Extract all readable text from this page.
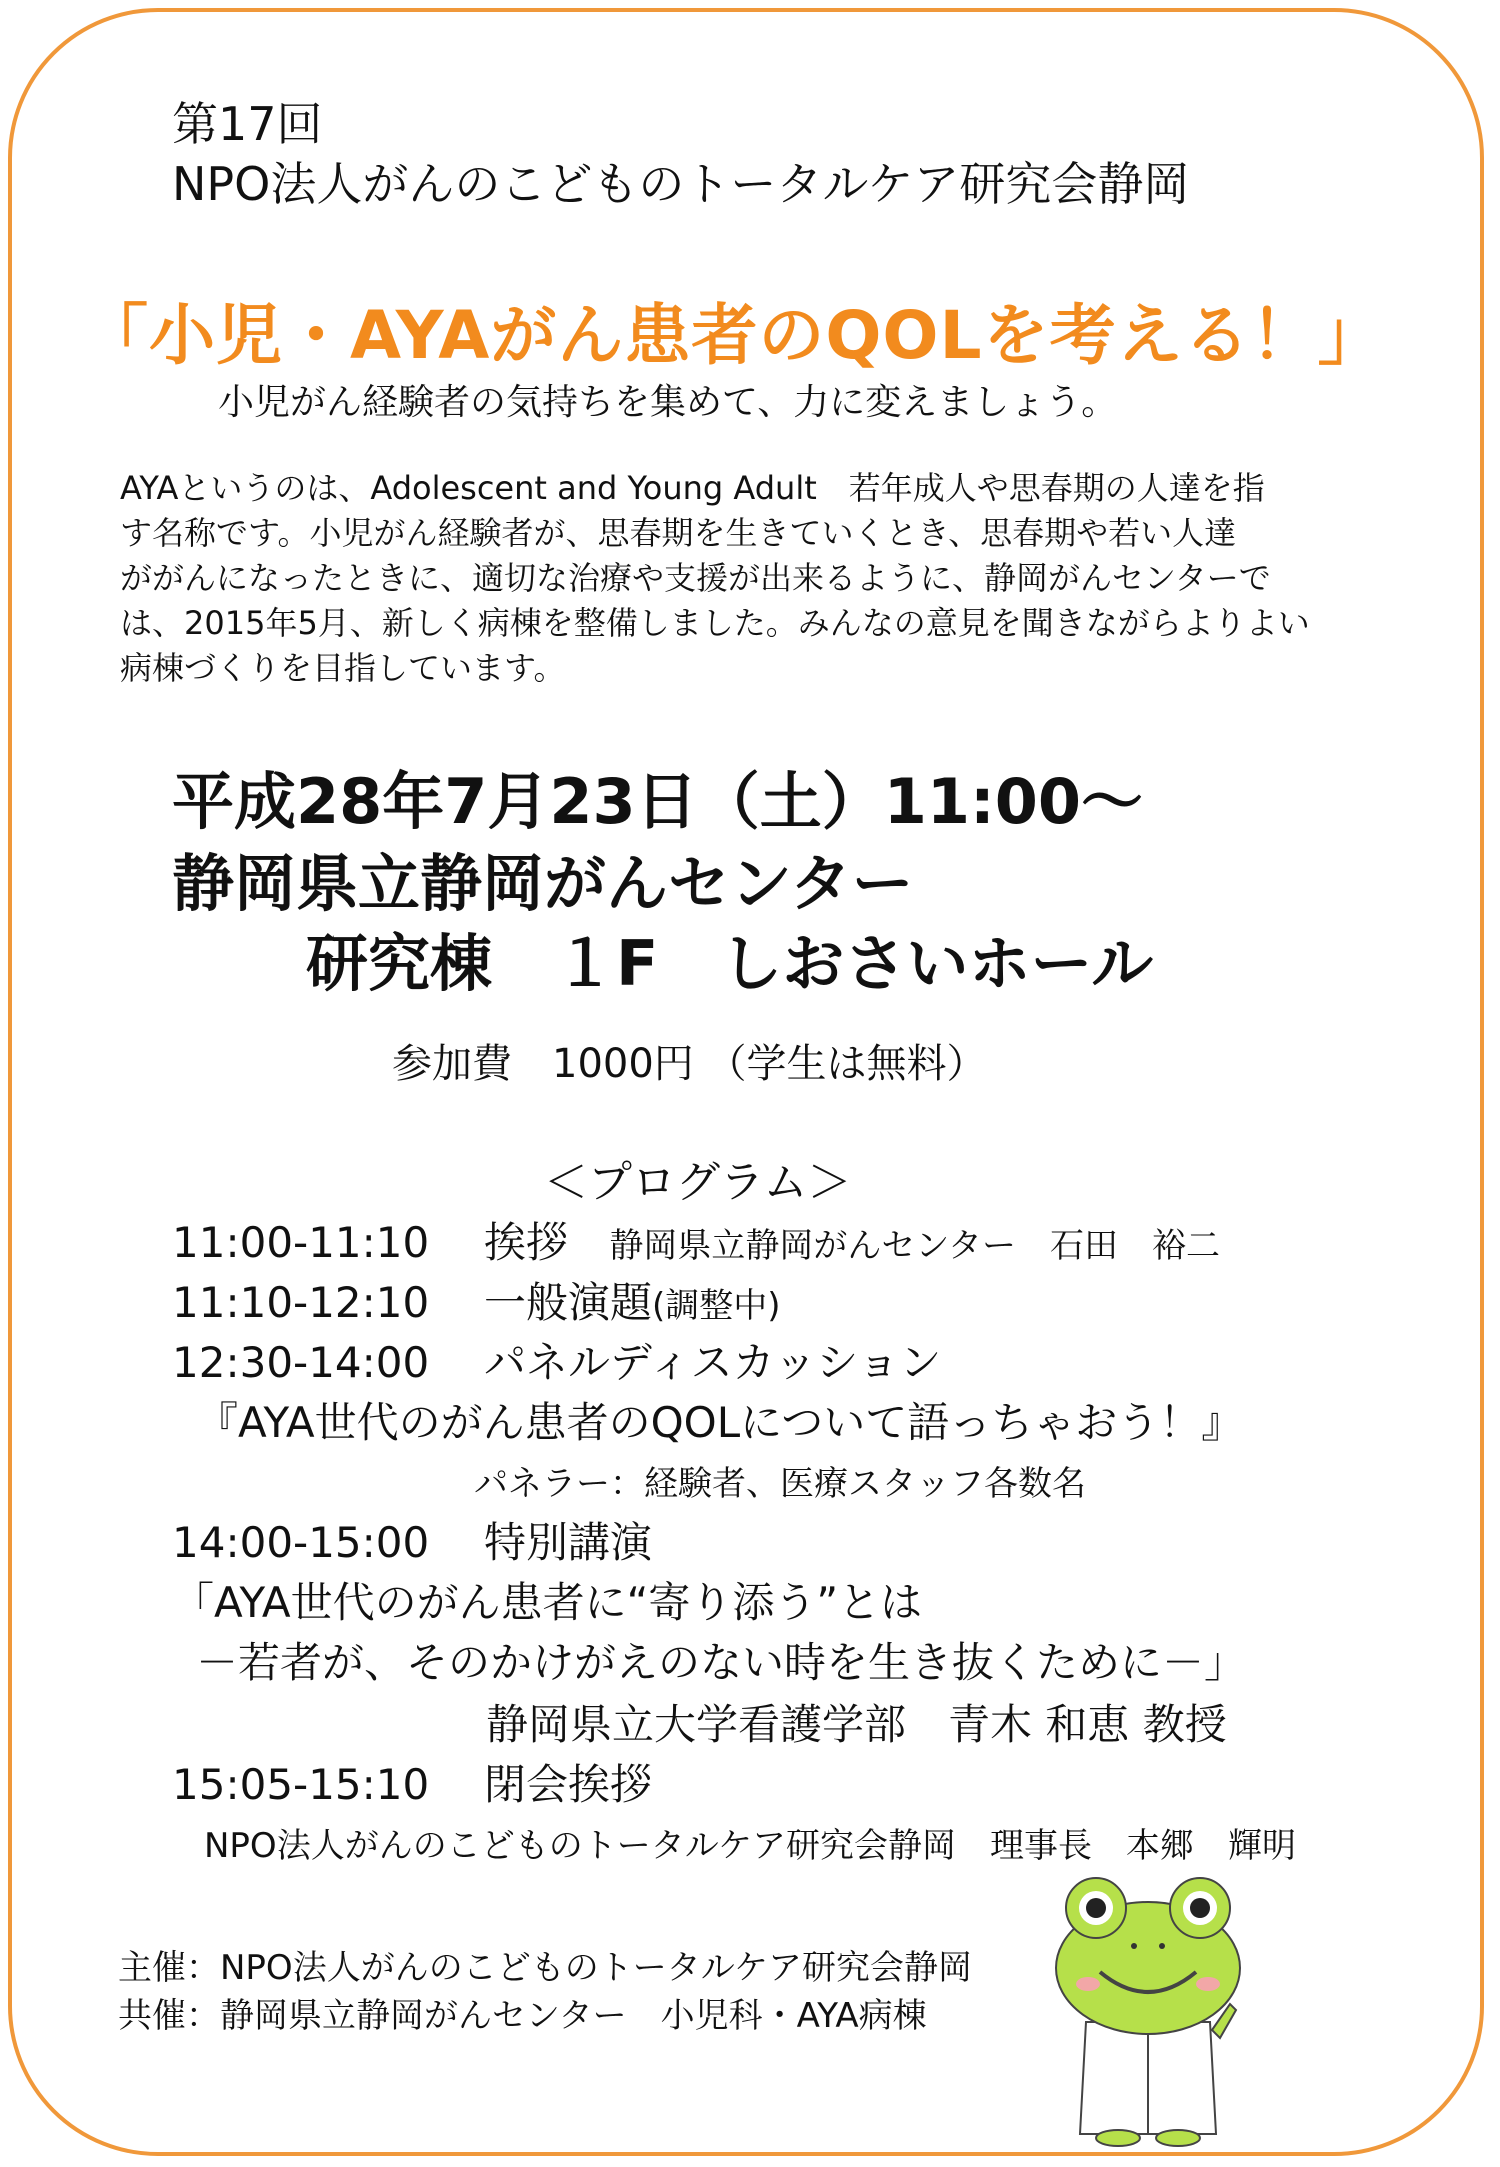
第17回
NPO法人がんのこどものトータルケア研究会静岡
「小児・AYAがん患者のQOLを考える！」
小児がん経験者の気持ちを集めて、力に変えましょう。
AYAというのは、Adolescent and Young Adult　若年成人や思春期の人達を指
す名称です。小児がん経験者が、思春期を生きていくとき、思春期や若い人達
ががんになったときに、適切な治療や支援が出来るように、静岡がんセンターで
は、2015年5月、新しく病棟を整備しました。みんなの意見を聞きながらよりよい
病棟づくりを目指しています。
平成28年7月23日（土）11:00～
静岡県立静岡がんセンター
研究棟　１F　しおさいホール
参加費　1000円 （学生は無料）
＜プログラム＞
11:00-11:10 挨拶 静岡県立静岡がんセンター　石田　裕二
11:10-12:10 一般演題(調整中)
12:30-14:00 パネルディスカッション
『AYA世代のがん患者のQOLについて語っちゃおう！』
パネラー：経験者、医療スタッフ各数名
14:00-15:00 特別講演
「AYA世代のがん患者に“寄り添う”とは
－若者が、そのかけがえのない時を生き抜くために－」
静岡県立大学看護学部　青木 和恵 教授
15:05-15:10 閉会挨拶
NPO法人がんのこどものトータルケア研究会静岡　理事長　本郷　輝明
主催：NPO法人がんのこどものトータルケア研究会静岡
共催：静岡県立静岡がんセンター　小児科・AYA病棟
